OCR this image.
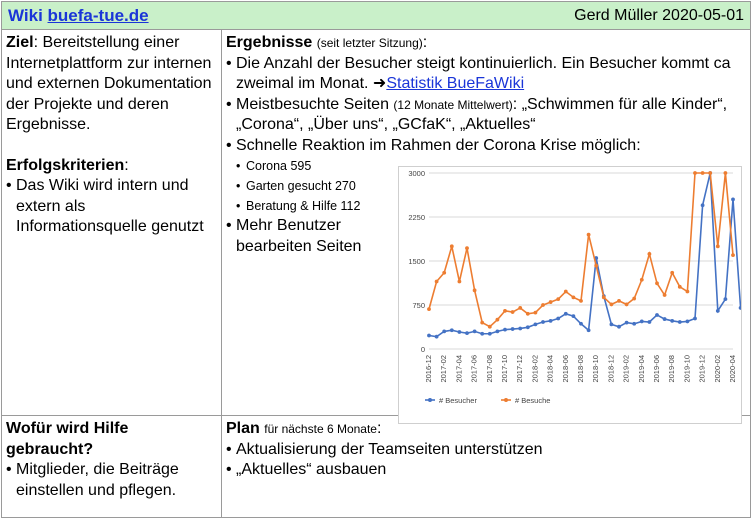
Wiki buefa-tue.de	Gerd Müller 2020-05-01
Ziel: Bereitstellung einer Internetplattform zur internen und externen Dokumentation der Projekte und deren Ergebnisse.
Erfolgskriterien:
• Das Wiki wird intern und extern als Informationsquelle genutzt
Ergebnisse (seit letzter Sitzung):
• Die Anzahl der Besucher steigt kontinuierlich. Ein Besucher kommt ca zweimal im Monat. ➜Statistik BueFaWiki
• Meistbesuchte Seiten (12 Monate Mittelwert): „Schwimmen für alle Kinder“, „Corona“, „Über uns“, „GCfaK“, „Aktuelles“
• Schnelle Reaktion im Rahmen der Corona Krise möglich:
• Corona 595
• Garten gesucht 270
• Beratung & Hilfe 112
• Mehr Benutzer bearbeiten Seiten
0
750
1500
2250
3000
2016-12 2017-02 2017-04 2017-06 2017-08 2017-10 2017-12 2018-02 2018-04 2018-06 2018-08 2018-10 2018-12 2019-02 2019-04 2019-06 2019-08 2019-10 2019-12 2020-02 2020-04
# Besucher	# Besuche
Wofür wird Hilfe gebraucht?
• Mitglieder, die Beiträge einstellen und pflegen.
Plan für nächste 6 Monate:
• Aktualisierung der Teamseiten unterstützen
• „Aktuelles“ ausbauen
